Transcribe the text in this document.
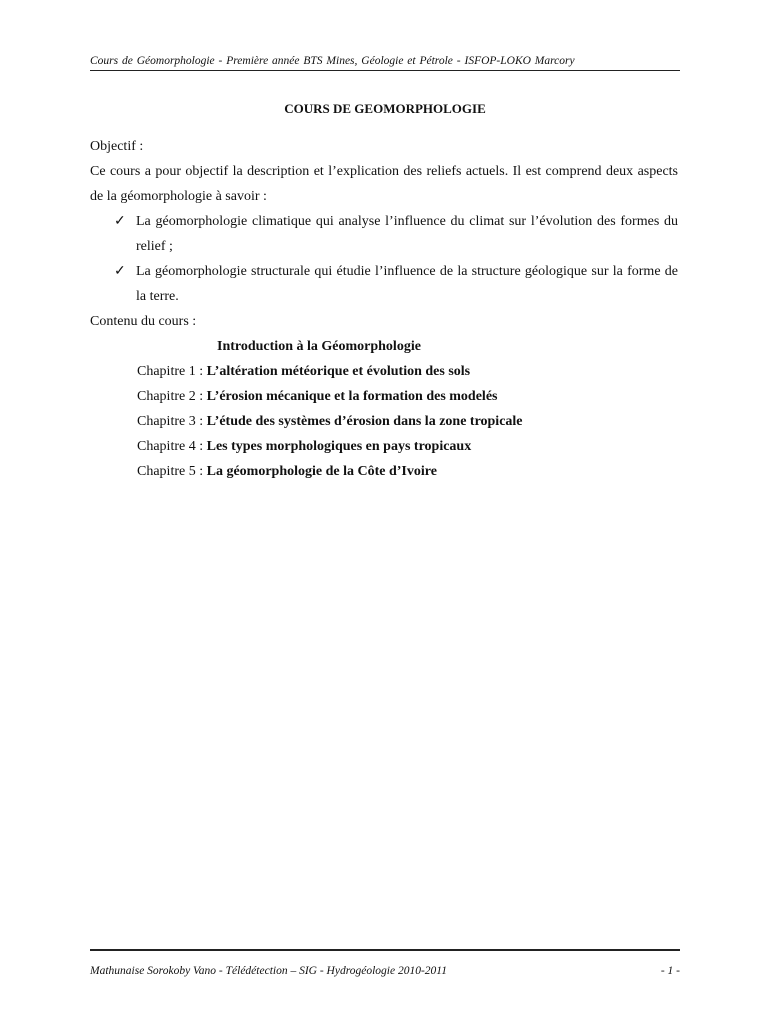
Cours de Géomorphologie - Première année BTS Mines, Géologie et Pétrole - ISFOP-LOKO Marcory
COURS DE GEOMORPHOLOGIE

Objectif :

Ce cours a pour objectif la description et l’explication des reliefs actuels. Il est comprend deux aspects de la géomorphologie à savoir :

✓ La géomorphologie climatique qui analyse l’influence du climat sur l’évolution des formes du relief ;
✓ La géomorphologie structurale qui étudie l’influence de la structure géologique sur la forme de la terre.

Contenu du cours :

Introduction à la Géomorphologie

Chapitre 1 : L’altération météorique et évolution des sols

Chapitre 2 : L’érosion mécanique et la formation des modelés

Chapitre 3 : L’étude des systèmes d’érosion dans la zone tropicale

Chapitre 4 : Les types morphologiques en pays tropicaux

Chapitre 5 : La géomorphologie de la Côte d’Ivoire

Mathunaise Sorokoby Vano - Télédétection – SIG - Hydrogéologie 2010-2011	- 1 -
